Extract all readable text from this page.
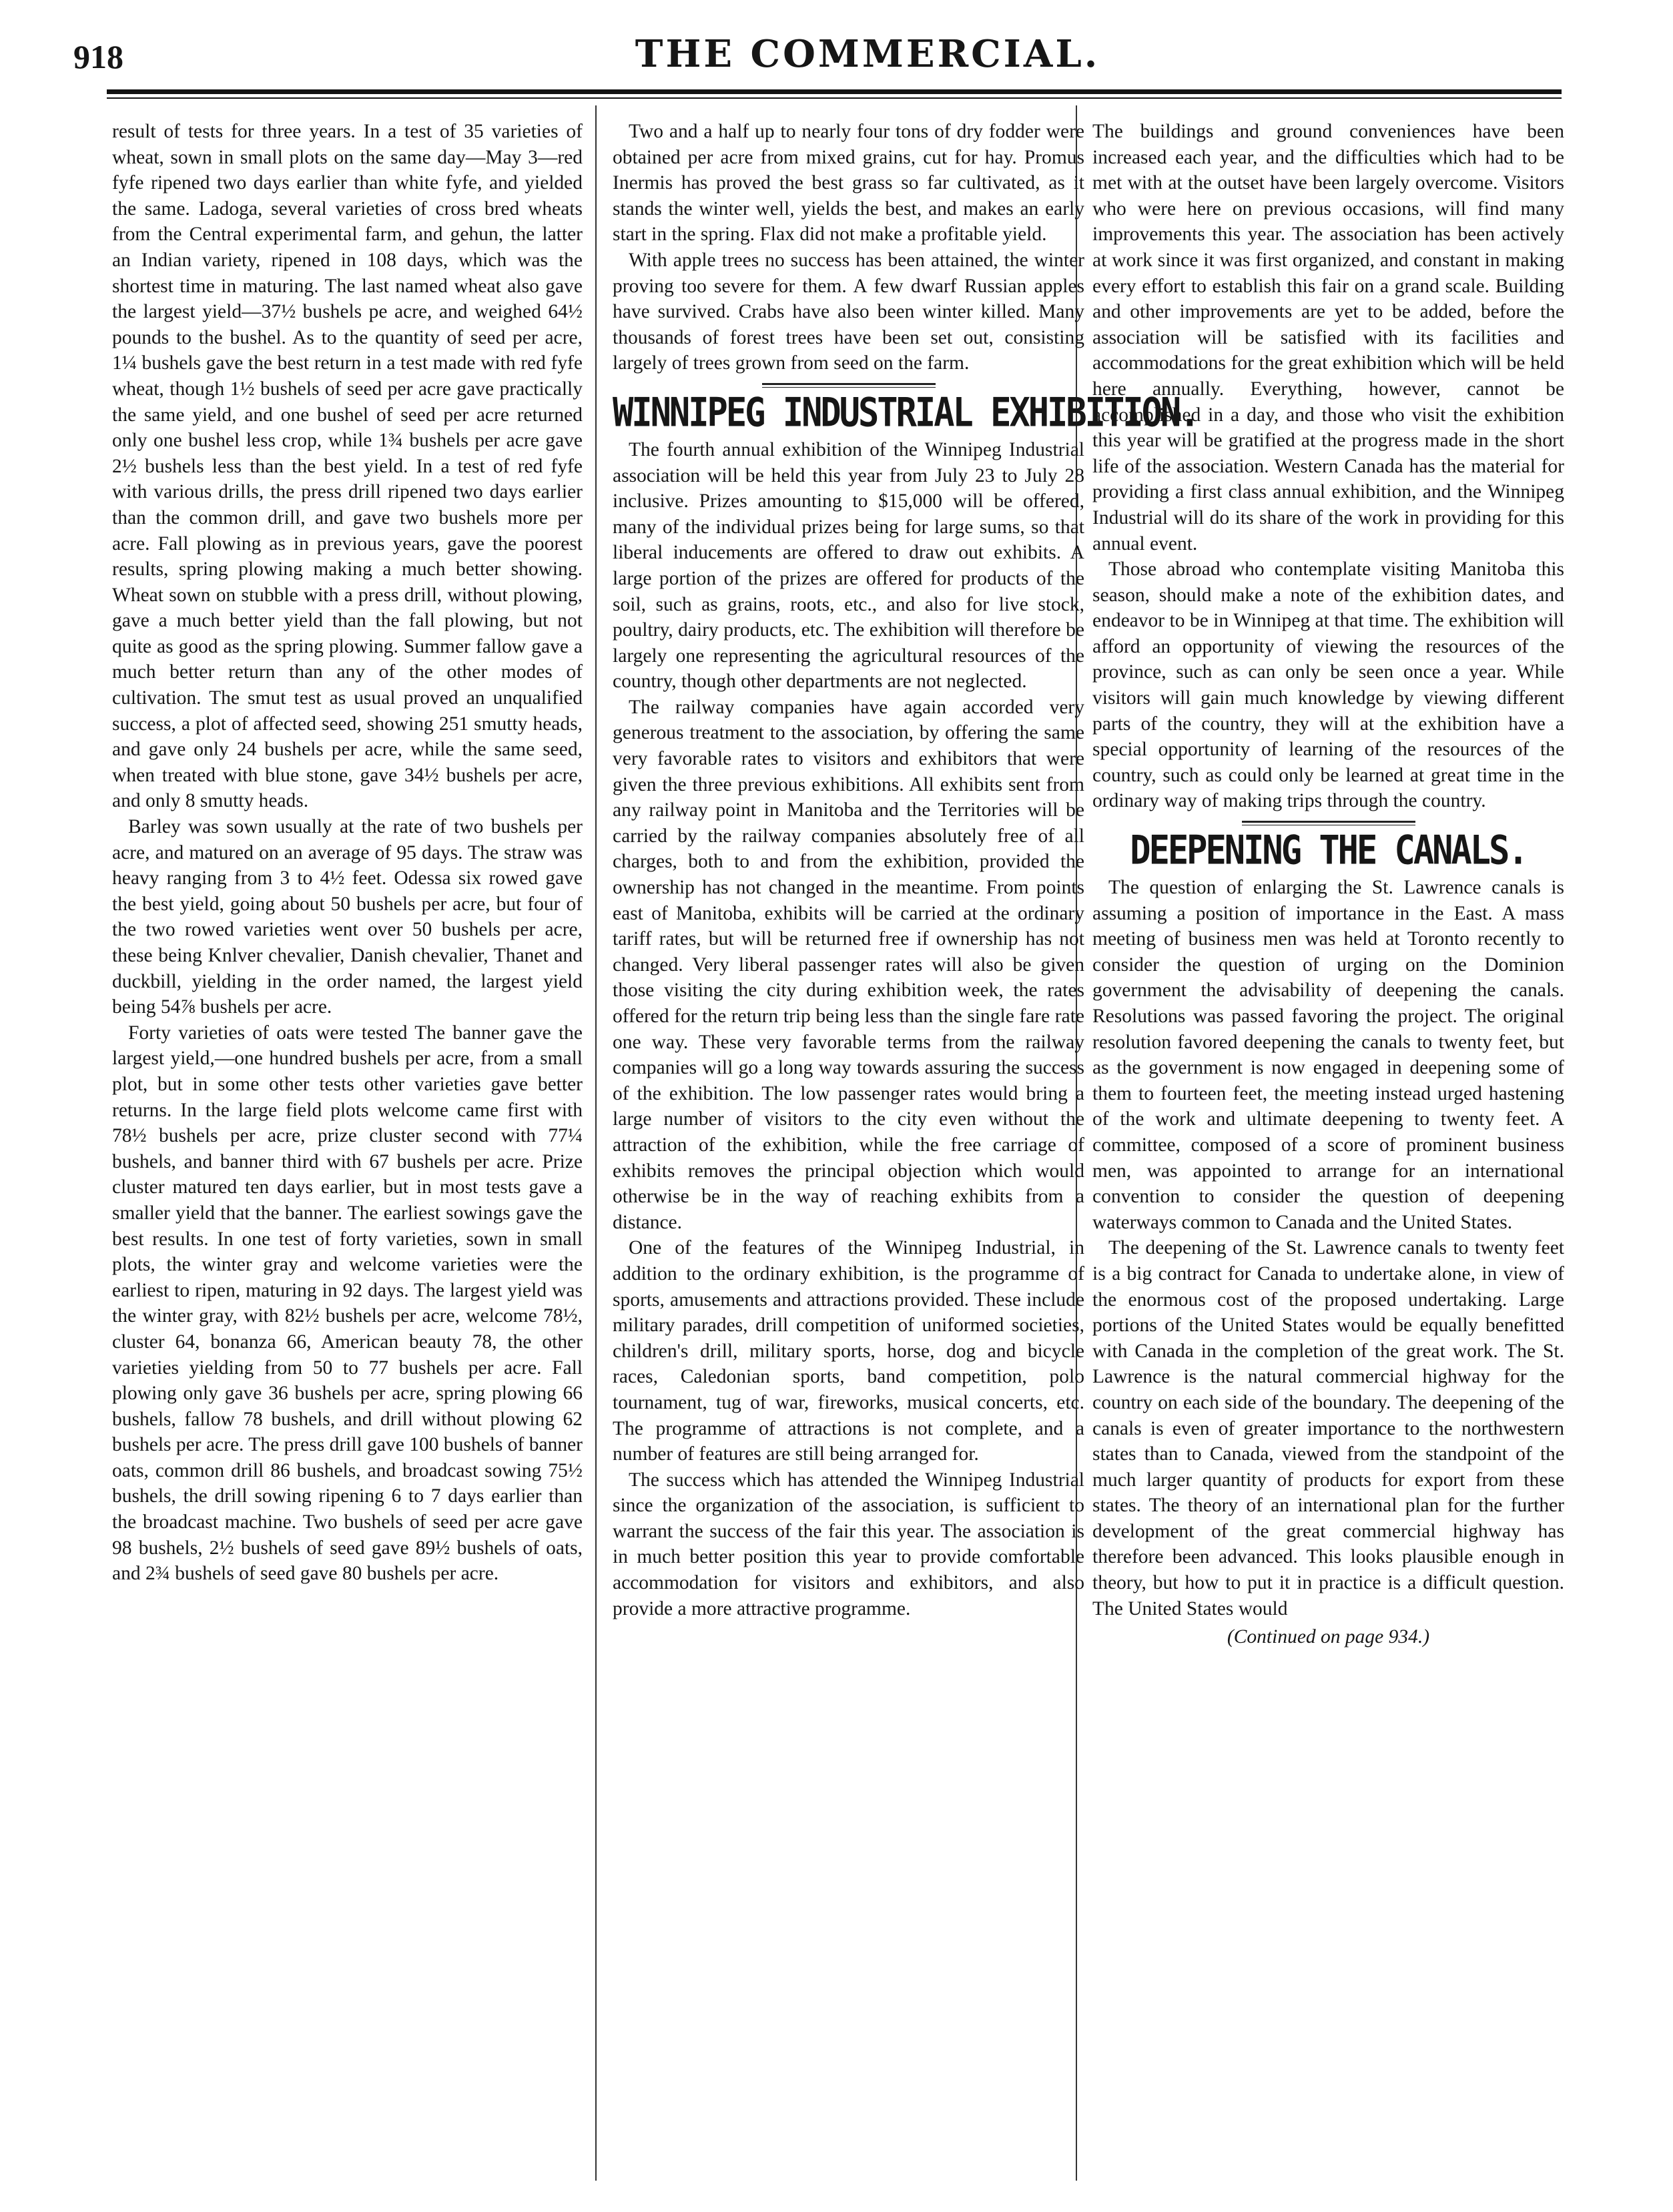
918	THE COMMERCIAL.

result of tests for three years. In a test of 35 varieties of wheat, sown in small plots on the same day—May 3—red fyfe ripened two days earlier than white fyfe, and yielded the same. Ladoga, several varieties of cross bred wheats from the Central experimental farm, and gehun, the latter an Indian variety, ripened in 108 days, which was the shortest time in maturing. The last named wheat also gave the largest yield—37½ bushels pe acre, and weighed 64½ pounds to the bushel. As to the quantity of seed per acre, 1¼ bushels gave the best return in a test made with red fyfe wheat, though 1½ bushels of seed per acre gave practically the same yield, and one bushel of seed per acre returned only one bushel less crop, while 1¾ bushels per acre gave 2½ bushels less than the best yield. In a test of red fyfe with various drills, the press drill ripened two days earlier than the common drill, and gave two bushels more per acre. Fall plowing as in previous years, gave the poorest results, spring plowing making a much better showing. Wheat sown on stubble with a press drill, without plowing, gave a much better yield than the fall plowing, but not quite as good as the spring plowing. Summer fallow gave a much better return than any of the other modes of cultivation. The smut test as usual proved an unqualified success, a plot of affected seed, showing 251 smutty heads, and gave only 24 bushels per acre, while the same seed, when treated with blue stone, gave 34½ bushels per acre, and only 8 smutty heads.

Barley was sown usually at the rate of two bushels per acre, and matured on an average of 95 days. The straw was heavy ranging from 3 to 4½ feet. Odessa six rowed gave the best yield, going about 50 bushels per acre, but four of the two rowed varieties went over 50 bushels per acre, these being Knlver chevalier, Danish chevalier, Thanet and duckbill, yielding in the order named, the largest yield being 54⅞ bushels per acre.

Forty varieties of oats were tested The banner gave the largest yield,—one hundred bushels per acre, from a small plot, but in some other tests other varieties gave better returns. In the large field plots welcome came first with 78½ bushels per acre, prize cluster second with 77¼ bushels, and banner third with 67 bushels per acre. Prize cluster matured ten days earlier, but in most tests gave a smaller yield that the banner. The earliest sowings gave the best results. In one test of forty varieties, sown in small plots, the winter gray and welcome varieties were the earliest to ripen, maturing in 92 days. The largest yield was the winter gray, with 82½ bushels per acre, welcome 78½, cluster 64, bonanza 66, American beauty 78, the other varieties yielding from 50 to 77 bushels per acre. Fall plowing only gave 36 bushels per acre, spring plowing 66 bushels, fallow 78 bushels, and drill without plowing 62 bushels per acre. The press drill gave 100 bushels of banner oats, common drill 86 bushels, and broadcast sowing 75½ bushels, the drill sowing ripening 6 to 7 days earlier than the broadcast machine. Two bushels of seed per acre gave 98 bushels, 2½ bushels of seed gave 89½ bushels of oats, and 2¾ bushels of seed gave 80 bushels per acre.

Two and a half up to nearly four tons of dry fodder were obtained per acre from mixed grains, cut for hay. Promus Inermis has proved the best grass so far cultivated, as it stands the winter well, yields the best, and makes an early start in the spring. Flax did not make a profitable yield.

With apple trees no success has been attained, the winter proving too severe for them. A few dwarf Russian apples have survived. Crabs have also been winter killed. Many thousands of forest trees have been set out, consisting largely of trees grown from seed on the farm.

WINNIPEG INDUSTRIAL EXHIBITION.

The fourth annual exhibition of the Winnipeg Industrial association will be held this year from July 23 to July 28 inclusive. Prizes amounting to $15,000 will be offered, many of the individual prizes being for large sums, so that liberal inducements are offered to draw out exhibits. A large portion of the prizes are offered for products of the soil, such as grains, roots, etc., and also for live stock, poultry, dairy products, etc. The exhibition will therefore be largely one representing the agricultural resources of the country, though other departments are not neglected.

The railway companies have again accorded very generous treatment to the association, by offering the same very favorable rates to visitors and exhibitors that were given the three previous exhibitions. All exhibits sent from any railway point in Manitoba and the Territories will be carried by the railway companies absolutely free of all charges, both to and from the exhibition, provided the ownership has not changed in the meantime. From points east of Manitoba, exhibits will be carried at the ordinary tariff rates, but will be returned free if ownership has not changed. Very liberal passenger rates will also be given those visiting the city during exhibition week, the rates offered for the return trip being less than the single fare rate one way. These very favorable terms from the railway companies will go a long way towards assuring the success of the exhibition. The low passenger rates would bring a large number of visitors to the city even without the attraction of the exhibition, while the free carriage of exhibits removes the principal objection which would otherwise be in the way of reaching exhibits from a distance.

One of the features of the Winnipeg Industrial, in addition to the ordinary exhibition, is the programme of sports, amusements and attractions provided. These include military parades, drill competition of uniformed societies, children's drill, military sports, horse, dog and bicycle races, Caledonian sports, band competition, polo tournament, tug of war, fireworks, musical concerts, etc. The programme of attractions is not complete, and a number of features are still being arranged for.

The success which has attended the Winnipeg Industrial since the organization of the association, is sufficient to warrant the success of the fair this year. The association is in much better position this year to provide comfortable accommodation for visitors and exhibitors, and also provide a more attractive programme.

The buildings and ground conveniences have been increased each year, and the difficulties which had to be met with at the outset have been largely overcome. Visitors who were here on previous occasions, will find many improvements this year. The association has been actively at work since it was first organized, and constant in making every effort to establish this fair on a grand scale. Building and other improvements are yet to be added, before the association will be satisfied with its facilities and accommodations for the great exhibition which will be held here annually. Everything, however, cannot be accomplished in a day, and those who visit the exhibition this year will be gratified at the progress made in the short life of the association. Western Canada has the material for providing a first class annual exhibition, and the Winnipeg Industrial will do its share of the work in providing for this annual event.

Those abroad who contemplate visiting Manitoba this season, should make a note of the exhibition dates, and endeavor to be in Winnipeg at that time. The exhibition will afford an opportunity of viewing the resources of the province, such as can only be seen once a year. While visitors will gain much knowledge by viewing different parts of the country, they will at the exhibition have a special opportunity of learning of the resources of the country, such as could only be learned at great time in the ordinary way of making trips through the country.

DEEPENING THE CANALS.

The question of enlarging the St. Lawrence canals is assuming a position of importance in the East. A mass meeting of business men was held at Toronto recently to consider the question of urging on the Dominion government the advisability of deepening the canals. Resolutions was passed favoring the project. The original resolution favored deepening the canals to twenty feet, but as the government is now engaged in deepening some of them to fourteen feet, the meeting instead urged hastening of the work and ultimate deepening to twenty feet. A committee, composed of a score of prominent business men, was appointed to arrange for an international convention to consider the question of deepening waterways common to Canada and the United States.

The deepening of the St. Lawrence canals to twenty feet is a big contract for Canada to undertake alone, in view of the enormous cost of the proposed undertaking. Large portions of the United States would be equally benefitted with Canada in the completion of the great work. The St. Lawrence is the natural commercial highway for the country on each side of the boundary. The deepening of the canals is even of greater importance to the northwestern states than to Canada, viewed from the standpoint of the much larger quantity of products for export from these states. The theory of an international plan for the further development of the great commercial highway has therefore been advanced. This looks plausible enough in theory, but how to put it in practice is a difficult question. The United States would

(Continued on page 934.)
